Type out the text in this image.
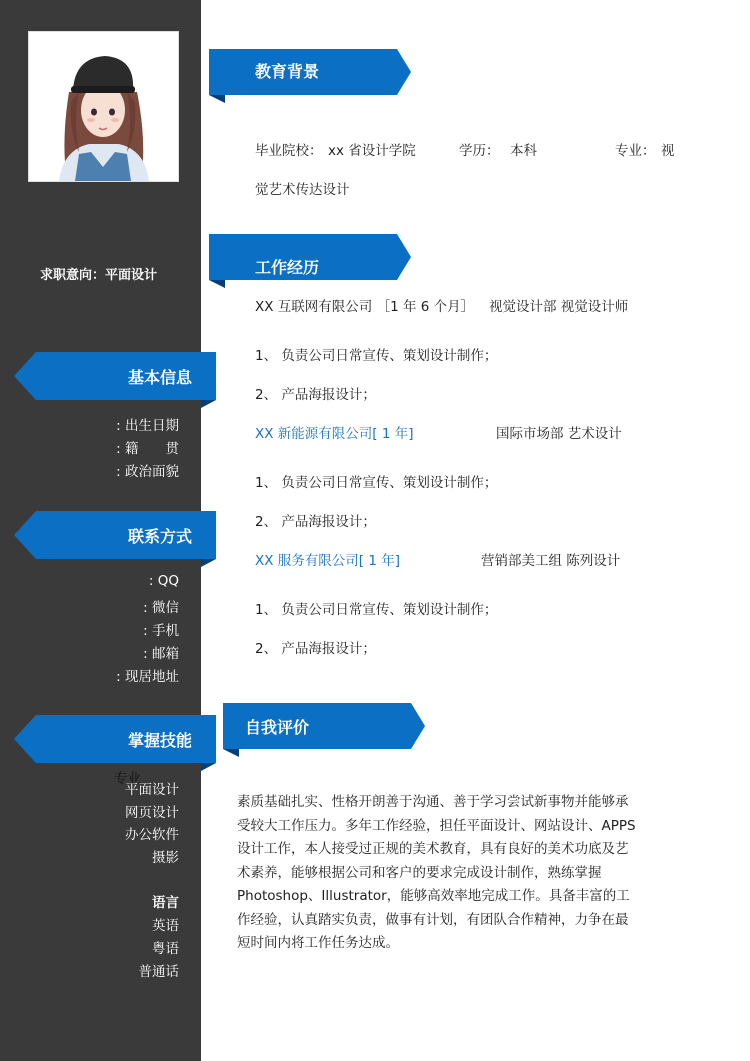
求职意向：平面设计
基本信息
: 出生日期
: 籍　　贯
: 政治面貌
联系方式
: QQ
: 微信
: 手机
: 邮箱
: 现居地址
掌握技能
专业
平面设计
网页设计
办公软件
摄影
语言
英语
粤语
普通话
教育背景
毕业院校： xx 省设计学院	学历： 本科	专业： 视
觉艺术传达设计
工作经历
XX 互联网有限公司 ［1 年 6 个月］ 视觉设计部 视觉设计师
1、 负责公司日常宣传、策划设计制作；
2、 产品海报设计；
XX 新能源有限公司[ 1 年]	国际市场部 艺术设计
1、 负责公司日常宣传、策划设计制作；
2、 产品海报设计；
XX 服务有限公司[ 1 年]	营销部美工组 陈列设计
1、 负责公司日常宣传、策划设计制作；
2、 产品海报设计；
自我评价
素质基础扎实、性格开朗善于沟通、善于学习尝试新事物并能够承
受较大工作压力。多年工作经验，担任平面设计、网站设计、APPS
设计工作，本人接受过正规的美术教育，具有良好的美术功底及艺
术素养，能够根据公司和客户的要求完成设计制作，熟练掌握
Photoshop、Illustrator，能够高效率地完成工作。具备丰富的工
作经验，认真踏实负责，做事有计划，有团队合作精神，力争在最
短时间内将工作任务达成。
